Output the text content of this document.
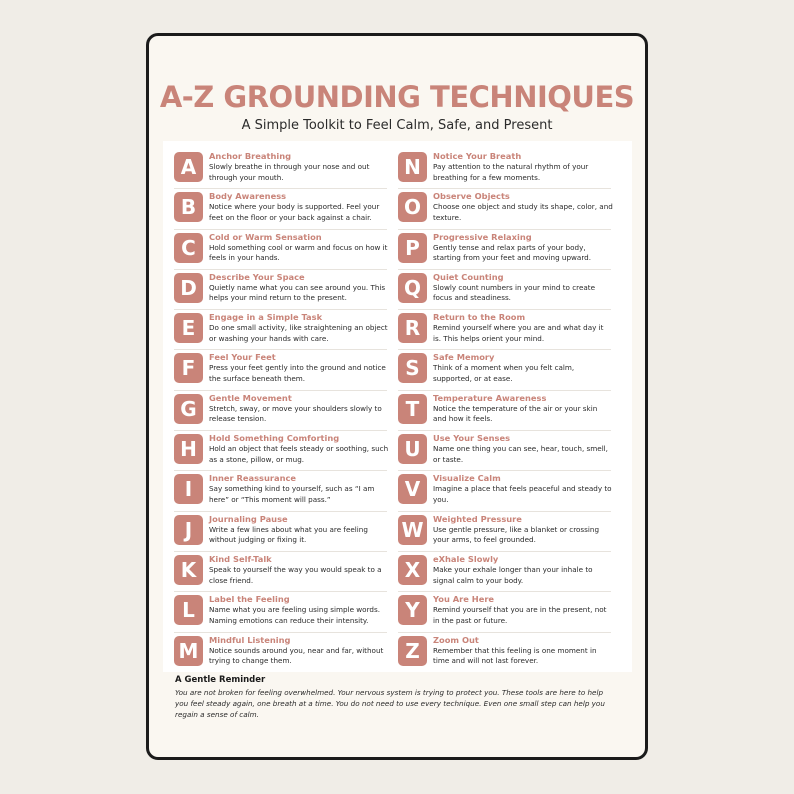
A-Z GROUNDING TECHNIQUES

A Simple Toolkit to Feel Calm, Safe, and Present

A	Anchor Breathing
Slowly breathe in through your nose and out through your mouth.
B	Body Awareness
Notice where your body is supported. Feel your feet on the floor or your back against a chair.
C	Cold or Warm Sensation
Hold something cool or warm and focus on how it feels in your hands.
D	Describe Your Space
Quietly name what you can see around you. This helps your mind return to the present.
E	Engage in a Simple Task
Do one small activity, like straightening an object or washing your hands with care.
F	Feel Your Feet
Press your feet gently into the ground and notice the surface beneath them.
G	Gentle Movement
Stretch, sway, or move your shoulders slowly to release tension.
H	Hold Something Comforting
Hold an object that feels steady or soothing, such as a stone, pillow, or mug.
I	Inner Reassurance
Say something kind to yourself, such as “I am here” or “This moment will pass.”
J	Journaling Pause
Write a few lines about what you are feeling without judging or fixing it.
K	Kind Self-Talk
Speak to yourself the way you would speak to a close friend.
L	Label the Feeling
Name what you are feeling using simple words. Naming emotions can reduce their intensity.
M	Mindful Listening
Notice sounds around you, near and far, without trying to change them.
N	Notice Your Breath
Pay attention to the natural rhythm of your breathing for a few moments.
O	Observe Objects
Choose one object and study its shape, color, and texture.
P	Progressive Relaxing
Gently tense and relax parts of your body, starting from your feet and moving upward.
Q	Quiet Counting
Slowly count numbers in your mind to create focus and steadiness.
R	Return to the Room
Remind yourself where you are and what day it is. This helps orient your mind.
S	Safe Memory
Think of a moment when you felt calm, supported, or at ease.
T	Temperature Awareness
Notice the temperature of the air or your skin and how it feels.
U	Use Your Senses
Name one thing you can see, hear, touch, smell, or taste.
V	Visualize Calm
Imagine a place that feels peaceful and steady to you.
W	Weighted Pressure
Use gentle pressure, like a blanket or crossing your arms, to feel grounded.
X	eXhale Slowly
Make your exhale longer than your inhale to signal calm to your body.
Y	You Are Here
Remind yourself that you are in the present, not in the past or future.
Z	Zoom Out
Remember that this feeling is one moment in time and will not last forever.
A Gentle Reminder
You are not broken for feeling overwhelmed. Your nervous system is trying to protect you. These tools are here to help you feel steady again, one breath at a time. You do not need to use every technique. Even one small step can help you regain a sense of calm.
